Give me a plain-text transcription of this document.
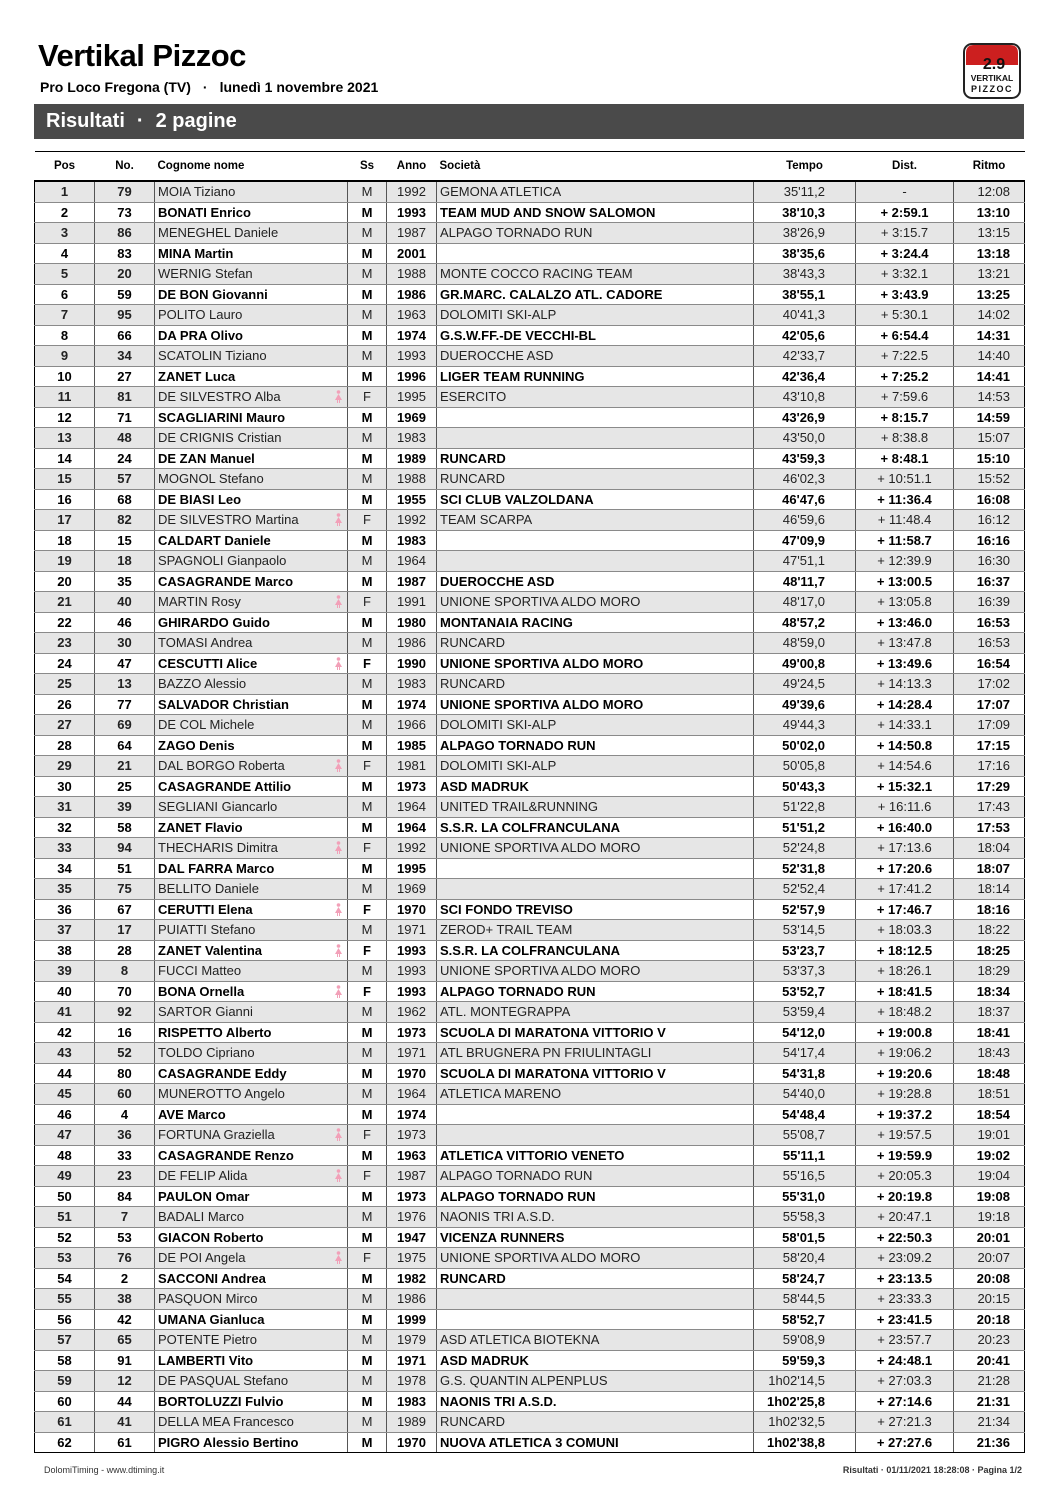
Vertikal Pizzoc
Pro Loco Fregona (TV) · lunedì 1 novembre 2021
2.9
VERTIKAL
PIZZOC
Risultati · 2 pagine
Pos	No.	Cognome nome	Ss	Anno	Società	Tempo	Dist.	Ritmo
1	79	MOIA Tiziano	M	1992	GEMONA ATLETICA	35'11,2	-	12:08
2	73	BONATI Enrico	M	1993	TEAM MUD AND SNOW SALOMON	38'10,3	+ 2:59.1	13:10
3	86	MENEGHEL Daniele	M	1987	ALPAGO TORNADO RUN	38'26,9	+ 3:15.7	13:15
4	83	MINA Martin	M	2001		38'35,6	+ 3:24.4	13:18
5	20	WERNIG Stefan	M	1988	MONTE COCCO RACING TEAM	38'43,3	+ 3:32.1	13:21
6	59	DE BON Giovanni	M	1986	GR.MARC. CALALZO ATL. CADORE	38'55,1	+ 3:43.9	13:25
7	95	POLITO Lauro	M	1963	DOLOMITI SKI-ALP	40'41,3	+ 5:30.1	14:02
8	66	DA PRA Olivo	M	1974	G.S.W.FF.-DE VECCHI-BL	42'05,6	+ 6:54.4	14:31
9	34	SCATOLIN Tiziano	M	1993	DUEROCCHE ASD	42'33,7	+ 7:22.5	14:40
10	27	ZANET Luca	M	1996	LIGER TEAM RUNNING	42'36,4	+ 7:25.2	14:41
11	81	DE SILVESTRO Alba	F	1995	ESERCITO	43'10,8	+ 7:59.6	14:53
12	71	SCAGLIARINI Mauro	M	1969		43'26,9	+ 8:15.7	14:59
13	48	DE CRIGNIS Cristian	M	1983		43'50,0	+ 8:38.8	15:07
14	24	DE ZAN Manuel	M	1989	RUNCARD	43'59,3	+ 8:48.1	15:10
15	57	MOGNOL Stefano	M	1988	RUNCARD	46'02,3	+ 10:51.1	15:52
16	68	DE BIASI Leo	M	1955	SCI CLUB VALZOLDANA	46'47,6	+ 11:36.4	16:08
17	82	DE SILVESTRO Martina	F	1992	TEAM SCARPA	46'59,6	+ 11:48.4	16:12
18	15	CALDART Daniele	M	1983		47'09,9	+ 11:58.7	16:16
19	18	SPAGNOLI Gianpaolo	M	1964		47'51,1	+ 12:39.9	16:30
20	35	CASAGRANDE Marco	M	1987	DUEROCCHE ASD	48'11,7	+ 13:00.5	16:37
21	40	MARTIN Rosy	F	1991	UNIONE SPORTIVA ALDO MORO	48'17,0	+ 13:05.8	16:39
22	46	GHIRARDO Guido	M	1980	MONTANAIA RACING	48'57,2	+ 13:46.0	16:53
23	30	TOMASI Andrea	M	1986	RUNCARD	48'59,0	+ 13:47.8	16:53
24	47	CESCUTTI Alice	F	1990	UNIONE SPORTIVA ALDO MORO	49'00,8	+ 13:49.6	16:54
25	13	BAZZO Alessio	M	1983	RUNCARD	49'24,5	+ 14:13.3	17:02
26	77	SALVADOR Christian	M	1974	UNIONE SPORTIVA ALDO MORO	49'39,6	+ 14:28.4	17:07
27	69	DE COL Michele	M	1966	DOLOMITI SKI-ALP	49'44,3	+ 14:33.1	17:09
28	64	ZAGO Denis	M	1985	ALPAGO TORNADO RUN	50'02,0	+ 14:50.8	17:15
29	21	DAL BORGO Roberta	F	1981	DOLOMITI SKI-ALP	50'05,8	+ 14:54.6	17:16
30	25	CASAGRANDE Attilio	M	1973	ASD MADRUK	50'43,3	+ 15:32.1	17:29
31	39	SEGLIANI Giancarlo	M	1964	UNITED TRAIL&RUNNING	51'22,8	+ 16:11.6	17:43
32	58	ZANET Flavio	M	1964	S.S.R. LA COLFRANCULANA	51'51,2	+ 16:40.0	17:53
33	94	THECHARIS Dimitra	F	1992	UNIONE SPORTIVA ALDO MORO	52'24,8	+ 17:13.6	18:04
34	51	DAL FARRA Marco	M	1995		52'31,8	+ 17:20.6	18:07
35	75	BELLITO Daniele	M	1969		52'52,4	+ 17:41.2	18:14
36	67	CERUTTI Elena	F	1970	SCI FONDO TREVISO	52'57,9	+ 17:46.7	18:16
37	17	PUIATTI Stefano	M	1971	ZEROD+ TRAIL TEAM	53'14,5	+ 18:03.3	18:22
38	28	ZANET Valentina	F	1993	S.S.R. LA COLFRANCULANA	53'23,7	+ 18:12.5	18:25
39	8	FUCCI Matteo	M	1993	UNIONE SPORTIVA ALDO MORO	53'37,3	+ 18:26.1	18:29
40	70	BONA Ornella	F	1993	ALPAGO TORNADO RUN	53'52,7	+ 18:41.5	18:34
41	92	SARTOR Gianni	M	1962	ATL. MONTEGRAPPA	53'59,4	+ 18:48.2	18:37
42	16	RISPETTO Alberto	M	1973	SCUOLA DI MARATONA VITTORIO V	54'12,0	+ 19:00.8	18:41
43	52	TOLDO Cipriano	M	1971	ATL BRUGNERA PN FRIULINTAGLI	54'17,4	+ 19:06.2	18:43
44	80	CASAGRANDE Eddy	M	1970	SCUOLA DI MARATONA VITTORIO V	54'31,8	+ 19:20.6	18:48
45	60	MUNEROTTO Angelo	M	1964	ATLETICA MARENO	54'40,0	+ 19:28.8	18:51
46	4	AVE Marco	M	1974		54'48,4	+ 19:37.2	18:54
47	36	FORTUNA Graziella	F	1973		55'08,7	+ 19:57.5	19:01
48	33	CASAGRANDE Renzo	M	1963	ATLETICA VITTORIO VENETO	55'11,1	+ 19:59.9	19:02
49	23	DE FELIP Alida	F	1987	ALPAGO TORNADO RUN	55'16,5	+ 20:05.3	19:04
50	84	PAULON Omar	M	1973	ALPAGO TORNADO RUN	55'31,0	+ 20:19.8	19:08
51	7	BADALI Marco	M	1976	NAONIS TRI A.S.D.	55'58,3	+ 20:47.1	19:18
52	53	GIACON Roberto	M	1947	VICENZA RUNNERS	58'01,5	+ 22:50.3	20:01
53	76	DE POI Angela	F	1975	UNIONE SPORTIVA ALDO MORO	58'20,4	+ 23:09.2	20:07
54	2	SACCONI Andrea	M	1982	RUNCARD	58'24,7	+ 23:13.5	20:08
55	38	PASQUON Mirco	M	1986		58'44,5	+ 23:33.3	20:15
56	42	UMANA Gianluca	M	1999		58'52,7	+ 23:41.5	20:18
57	65	POTENTE Pietro	M	1979	ASD ATLETICA BIOTEKNA	59'08,9	+ 23:57.7	20:23
58	91	LAMBERTI Vito	M	1971	ASD MADRUK	59'59,3	+ 24:48.1	20:41
59	12	DE PASQUAL Stefano	M	1978	G.S. QUANTIN ALPENPLUS	1h02'14,5	+ 27:03.3	21:28
60	44	BORTOLUZZI Fulvio	M	1983	NAONIS TRI A.S.D.	1h02'25,8	+ 27:14.6	21:31
61	41	DELLA MEA Francesco	M	1989	RUNCARD	1h02'32,5	+ 27:21.3	21:34
62	61	PIGRO Alessio Bertino	M	1970	NUOVA ATLETICA 3 COMUNI	1h02'38,8	+ 27:27.6	21:36
DolomiTiming - www.dtiming.it	Risultati · 01/11/2021 18:28:08 · Pagina 1/2
